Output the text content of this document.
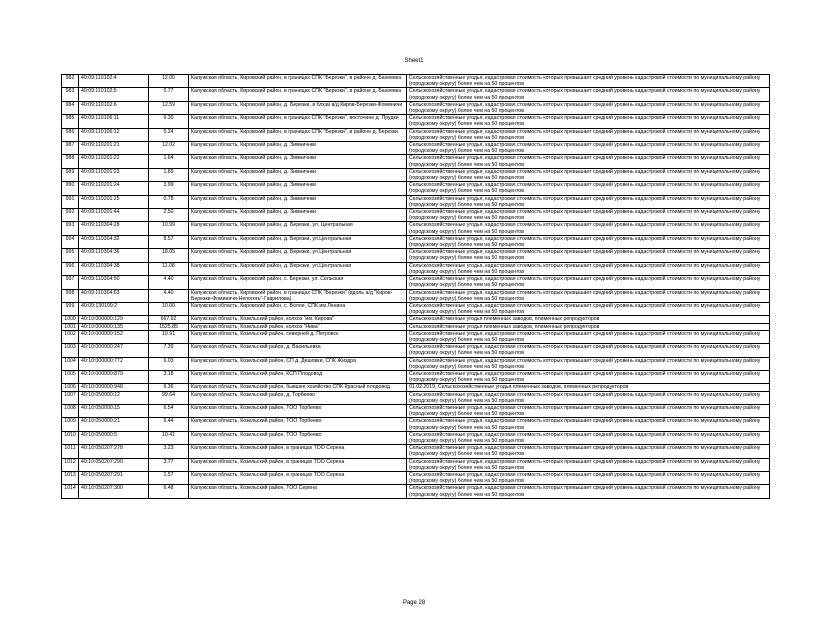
Sheet1
982	40:09:110102:4	12.00	Калужская область, Кировский район, в границах СПК "Березки", в районе д. Бахеевка	Сельскохозяйственные угодья, кадастровая стоимость которых превышает средний уровень кадастровой стоимости по муниципальному району (городскому округу) более чем на 50 процентов
983	40:09:110102:5	0.77	Калужская область, Кировский район, в границах СПК "Березки", в районе д. Бахеевка	Сельскохозяйственные угодья, кадастровая стоимость которых превышает средний уровень кадастровой стоимости по муниципальному району (городскому округу) более чем на 50 процентов
984	40:09:110102:6	12.59	Калужская область, Кировский район, д. Березки, в блхзи в/д Киров-Березки-Фоминичи	Сельскохозяйственные угодья, кадастровая стоимость которых превышает средний уровень кадастровой стоимости по муниципальному району (городскому округу) более чем на 50 процентов
985	40:09:110106:11	6.30	Калужская область, Кировский район, в границах СПК "Березки", восточнее д. Прудки	Сельскохозяйственные угодья, кадастровая стоимость которых превышает средний уровень кадастровой стоимости по муниципальному району (городскому округу) более чем на 50 процентов
986	40:09:110106:12	5.24	Калужская область, Кировский район, в границах СПК "Березки", в районе д. Березки	Сельскохозяйственные угодья, кадастровая стоимость которых превышает средний уровень кадастровой стоимости по муниципальному району (городскому округу) более чем на 50 процентов
987	40:09:110201:21	12.02	Калужская область, Кировский район, д. Зимничнки	Сельскохозяйственные угодья, кадастровая стоимость которых превышает средний уровень кадастровой стоимости по муниципальному району (городскому округу) более чем на 50 процентов
988	40:09:110201:22	1.64	Калужская область, Кировский район, д. Зимничнки	Сельскохозяйственные угодья, кадастровая стоимость которых превышает средний уровень кадастровой стоимости по муниципальному району (городскому округу) более чем на 50 процентов
989	40:09:110201:23	1.89	Калужская область, Кировский район, д. Зимничнки	Сельскохозяйственные угодья, кадастровая стоимость которых превышает средний уровень кадастровой стоимости по муниципальному району (городскому округу) более чем на 50 процентов
990	40:09:110201:24	3.99	Калужская область, Кировский район, д. Зимничнки	Сельскохозяйственные угодья, кадастровая стоимость которых превышает средний уровень кадастровой стоимости по муниципальному району (городскому округу) более чем на 50 процентов
991	40:09:110201:25	0.78	Калужская область, Кировский район, д. Зимничнки	Сельскохозяйственные угодья, кадастровая стоимость которых превышает средний уровень кадастровой стоимости по муниципальному району (городскому округу) более чем на 50 процентов
992	40:09:110201:44	2.50	Калужская область, Кировский район, д. Зимничнки	Сельскохозяйственные угодья, кадастровая стоимость которых превышает средний уровень кадастровой стоимости по муниципальному району (городскому округу) более чем на 50 процентов
993	40:09:110304:28	10.99	Калужская область, Кировский район, д. Березки, ул. Центральная	Сельскохозяйственные угодья, кадастровая стоимость которых превышает средний уровень кадастровой стоимости по муниципальному району (городскому округу) более чем на 50 процентов
994	40:09:110304:32	8.57	Калужская область, Кировский район, д. Березки, ул.Центральная	Сельскохозяйственные угодья, кадастровая стоимость которых превышает средний уровень кадастровой стоимости по муниципальному району (городскому округу) более чем на 50 процентов
995	40:09:110304:36	18.05	Калужская область, Кировский район, д. Березки, ул.Центральная	Сельскохозяйственные угодья, кадастровая стоимость которых превышает средний уровень кадастровой стоимости по муниципальному району (городскому округу) более чем на 50 процентов
996	40:09:110304:38	11.08	Калужская область, Кировский район, д. Березки, ул.Центральная	Сельскохозяйственные угодья, кадастровая стоимость которых превышает средний уровень кадастровой стоимости по муниципальному району (городскому округу) более чем на 50 процентов
997	40:09:110304:50	4.40	Калужская область, Кировский район, с. Березки, ул. Сельская	Сельскохозяйственные угодья, кадастровая стоимость которых превышает средний уровень кадастровой стоимости по муниципальному району (городскому округу) более чем на 50 процентов
998	40:09:110304:63	4.40	Калужская область, Кировский район, в границах СПК "Березки" (вдоль а/д "Киров-Березки-Фоминичи-Непоготь"-Гаврилова).	Сельскохозяйственные угодья, кадастровая стоимость которых превышает средний уровень кадастровой стоимости по муниципальному району (городскому округу) более чем на 50 процентов
999	40:09:130109:2	10.00	Калужская область, Кировский район, с. Волое, СПК им.Ленина	Сельскохозяйственные угодья, кадастровая стоимость которых превышает средний уровень кадастровой стоимости по муниципальному району (городскому округу) более чем на 50 процентов
1000	40:10:000000:129	667.92	Калужская область, Козельский район, колхоз "им. Кирова"	Сельскохозяйственные угодья племенных заводов, племенных репродукторов
1001	40:10:000000:135	1525.85	Калужская область, Козельский район, колхоз "Нива"	Сельскохозяйственные угодья племенных заводов, племенных репродукторов
1002	40:10:000000:152	10.91	Калужская область, Козельский район, северней д. Петровск	Сельскохозяйственные угодья, кадастровая стоимость которых превышает средний уровень кадастровой стоимости по муниципальному району (городскому округу) более чем на 50 процентов
1003	40:10:000000:247	7.39	Калужская область, Козельский район, д. Васильевка	Сельскохозяйственные угодья, кадастровая стоимость которых превышает средний уровень кадастровой стоимости по муниципальному району (городскому округу) более чем на 50 процентов
1004	40:10:000000:772	6.03	Калужская область, Козельский район, СП д. Дешовки, СПК Жиздра	Сельскохозяйственные угодья, кадастровая стоимость которых превышает средний уровень кадастровой стоимости по муниципальному району (городскому округу) более чем на 50 процентов
1005	40:10:000000:879	3.18	Калужская область, Козельский район, КСП Плодовод	Сельскохозяйственные угодья, кадастровая стоимость которых превышает средний уровень кадастровой стоимости по муниципальному району (городскому округу) более чем на 50 процентов
1006	40:10:000000:948	6.36	Калужская область, Козельский район, бывшее хозяйство СПК Красный плодовод	01.02.2019, Сельскохозяйственные угодья племенных заводов, племенных репродукторов
1007	40:10:050000:12	99.64	Калужская область, Козельский район, д. Торбеево	Сельскохозяйственные угодья, кадастровая стоимость которых превышает средний уровень кадастровой стоимости по муниципальному району (городскому округу) более чем на 50 процентов
1008	40:10:050000:15	6.54	Калужская область, Козельский район, ТОО Торбеево	Сельскохозяйственные угодья, кадастровая стоимость которых превышает средний уровень кадастровой стоимости по муниципальному району (городскому округу) более чем на 50 процентов
1009	40:10:050000:21	6.44	Калужская область, Козельский район, ТОО Торбеево	Сельскохозяйственные угодья, кадастровая стоимость которых превышает средний уровень кадастровой стоимости по муниципальному району (городскому округу) более чем на 50 процентов
1010	40:10:050000:5	10.41	Калужская область, Козельский район, ТОО Торбеево	Сельскохозяйственные угодья, кадастровая стоимость которых превышает средний уровень кадастровой стоимости по муниципальному району (городскому округу) более чем на 50 процентов
1011	40:10:050207:278	3.23	Калужская область, Козельский район, в границах ТОО Серена	Сельскохозяйственные угодья, кадастровая стоимость которых превышает средний уровень кадастровой стоимости по муниципальному району (городскому округу) более чем на 50 процентов
1012	40:10:050207:290	3.77	Калужская область, Козельский район, в границах ТОО Серена	Сельскохозяйственные угодья, кадастровая стоимость которых превышает средний уровень кадастровой стоимости по муниципальному району (городскому округу) более чем на 50 процентов
1013	40:10:050207:291	1.57	Калужская область, Козельский район, в границах ТОО Серена	Сельскохозяйственные угодья, кадастровая стоимость которых превышает средний уровень кадастровой стоимости по муниципальному району (городскому округу) более чем на 50 процентов
1014	40:10:050207:300	6.48	Калужская область, Козельский район, ТОО Серена	Сельскохозяйственные угодья, кадастровая стоимость которых превышает средний уровень кадастровой стоимости по муниципальному району (городскому округу) более чем на 50 процентов
Page 28
